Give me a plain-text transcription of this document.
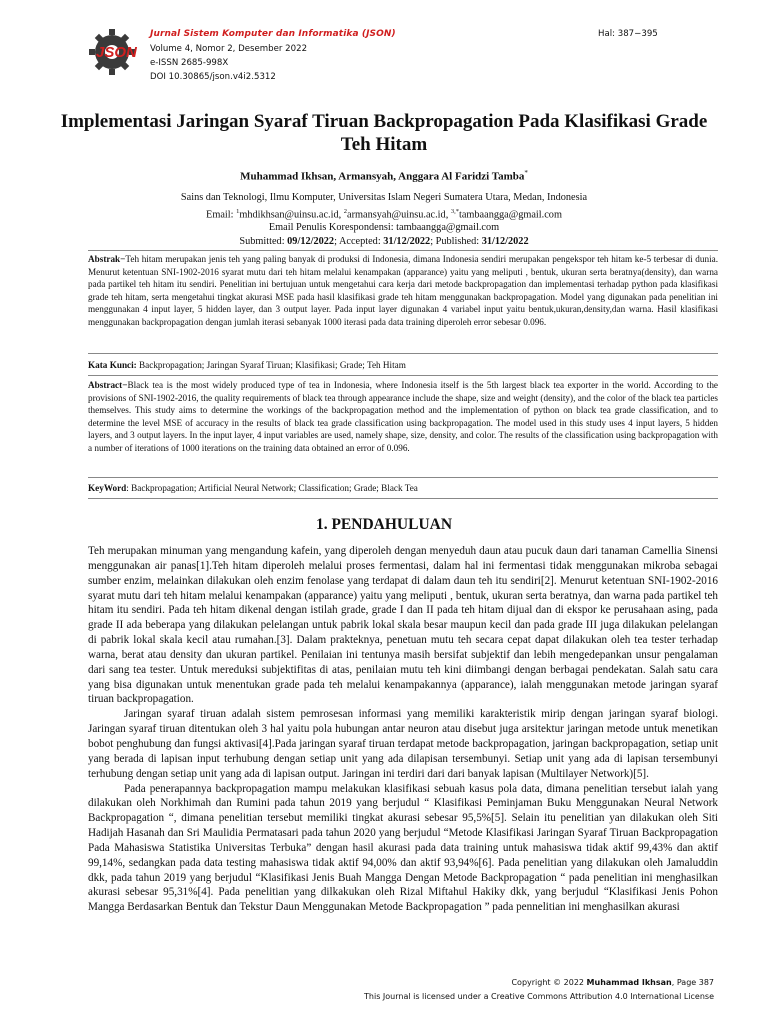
JSON
Jurnal Sistem Komputer dan Informatika (JSON)
Volume 4, Nomor 2, Desember 2022
e-ISSN 2685-998X
DOI 10.30865/json.v4i2.5312
Hal: 387−395
Implementasi Jaringan Syaraf Tiruan Backpropagation Pada Klasifikasi Grade Teh Hitam
Muhammad Ikhsan, Armansyah, Anggara Al Faridzi Tamba*
Sains dan Teknologi, Ilmu Komputer, Universitas Islam Negeri Sumatera Utara, Medan, Indonesia
Email: $^1$mhdikhsan@uinsu.ac.id, $^2$armansyah@uinsu.ac.id, $^{3,*}$tambaangga@gmail.com
Email Penulis Korespondensi: tambaangga@gmail.com
Submitted: 09/12/2022; Accepted: 31/12/2022; Published: 31/12/2022

Abstrak−Teh hitam merupakan jenis teh yang paling banyak di produksi di Indonesia, dimana Indonesia sendiri merupakan pengekspor teh hitam ke-5 terbesar di dunia. Menurut ketentuan SNI-1902-2016 syarat mutu dari teh hitam melalui kenampakan (apparance) yaitu yang meliputi , bentuk, ukuran serta beratnya(density), dan warna pada partikel teh hitam itu sendiri. Penelitian ini bertujuan untuk mengetahui cara kerja dari metode backpropagation dan implementasi terhadap python pada klasifikasi grade teh hitam, serta mengetahui tingkat akurasi MSE pada hasil klasifikasi grade teh hitam menggunakan backpropagation. Model yang digunakan pada penelitian ini menggunakan 4 input layer, 5 hidden layer, dan 3 output layer. Pada input layer digunakan 4 variabel input yaitu bentuk,ukuran,density,dan warna. Hasil klasifikasi menggunakan backpropagation dengan jumlah iterasi sebanyak 1000 iterasi pada data training diperoleh error sebesar 0.096.

Kata Kunci: Backpropagation; Jaringan Syaraf Tiruan; Klasifikasi; Grade; Teh Hitam

Abstract−Black tea is the most widely produced type of tea in Indonesia, where Indonesia itself is the 5th largest black tea exporter in the world. According to the provisions of SNI-1902-2016, the quality requirements of black tea through appearance include the shape, size and weight (density), and the color of the black tea particles themselves. This study aims to determine the workings of the backpropagation method and the implementation of python on black tea grade classification, and to determine the level MSE of accuracy in the results of black tea grade classification using backpropagation. The model used in this study uses 4 input layers, 5 hidden layers, and 3 output layers. In the input layer, 4 input variables are used, namely shape, size, density, and color. The results of the classification using backpropagation with a number of iterations of 1000 iterations on the training data obtained an error of 0.096.

KeyWord: Backpropagation; Artificial Neural Network; Classification; Grade; Black Tea

1. PENDAHULUAN

Teh merupakan minuman yang mengandung kafein, yang diperoleh dengan menyeduh daun atau pucuk daun dari tanaman Camellia Sinensi menggunakan air panas[1].Teh hitam diperoleh melalui proses fermentasi, dalam hal ini fermentasi tidak menggunakan mikroba sebagai sumber enzim, melainkan dilakukan oleh enzim fenolase yang terdapat di dalam daun teh itu sendiri[2]. Menurut ketentuan SNI-1902-2016 syarat mutu dari teh hitam melalui kenampakan (apparance) yaitu yang meliputi , bentuk, ukuran serta beratnya, dan warna pada partikel teh hitam itu sendiri. Pada teh hitam dikenal dengan istilah grade, grade I dan II pada teh hitam dijual dan di ekspor ke perusahaan asing, pada grade II ada beberapa yang dilakukan pelelangan untuk pabrik lokal skala besar maupun kecil dan pada grade III juga dilakukan pelelangan di pabrik lokal skala kecil atau rumahan.[3]. Dalam prakteknya, penetuan mutu teh secara cepat dapat dilakukan oleh tea tester terhadap warna, berat atau density dan ukuran partikel. Penilaian ini tentunya masih bersifat subjektif dan lebih mengedepankan unsur pengalaman dari sang tea tester. Untuk mereduksi subjektifitas di atas, penilaian mutu teh kini diimbangi dengan berbagai pendekatan. Salah satu cara yang bisa digunakan untuk menentukan grade pada teh melalui kenampakannya (apparance), ialah menggunakan metode jaringan syaraf tiruan backpropagation.

Jaringan syaraf tiruan adalah sistem pemrosesan informasi yang memiliki karakteristik mirip dengan jaringan syaraf biologi. Jaringan syaraf tiruan ditentukan oleh 3 hal yaitu pola hubungan antar neuron atau disebut juga arsitektur jaringan metode untuk menetikan bobot penghubung dan fungsi aktivasi[4].Pada jaringan syaraf tiruan terdapat metode backpropagation, jaringan backpropagation, setiap unit yang berada di lapisan input terhubung dengan setiap unit yang ada dilapisan tersembunyi. Setiap unit yang ada di lapisan tersembunyi terhubung dengan setiap unit yang ada di lapisan output. Jaringan ini terdiri dari dari banyak lapisan (Multilayer Network)[5].

Pada penerapannya backpropagation mampu melakukan klasifikasi sebuah kasus pola data, dimana penelitian tersebut ialah yang dilakukan oleh Norkhimah dan Rumini pada tahun 2019 yang berjudul “ Klasifikasi Peminjaman Buku Menggunakan Neural Network Backpropagation “, dimana penelitian tersebut memiliki tingkat akurasi sebesar 95,5%[5]. Selain itu penelitian yan dilakukan oleh Siti Hadijah Hasanah dan Sri Maulidia Permatasari pada tahun 2020 yang berjudul “Metode Klasifikasi Jaringan Syaraf Tiruan Backpropagation Pada Mahasiswa Statistika Universitas Terbuka” dengan hasil akurasi pada data training untuk mahasiswa tidak aktif 99,43% dan aktif 99,14%, sedangkan pada data testing mahasiswa tidak aktif 94,00% dan aktif 93,94%[6]. Pada penelitian yang dilakukan oleh Jamaluddin dkk, pada tahun 2019 yang berjudul “Klasifikasi Jenis Buah Mangga Dengan Metode Backpropagation “ pada penelitian ini menghasilkan akurasi sebesar 95,31%[4]. Pada penelitian yang dilkakukan oleh Rizal Miftahul Hakiky dkk, yang berjudul “Klasifikasi Jenis Pohon Mangga Berdasarkan Bentuk dan Tekstur Daun Menggunakan Metode Backpropagation ” pada pennelitian ini menghasilkan akurasi

Copyright © 2022 Muhammad Ikhsan, Page 387
This Journal is licensed under a Creative Commons Attribution 4.0 International License
